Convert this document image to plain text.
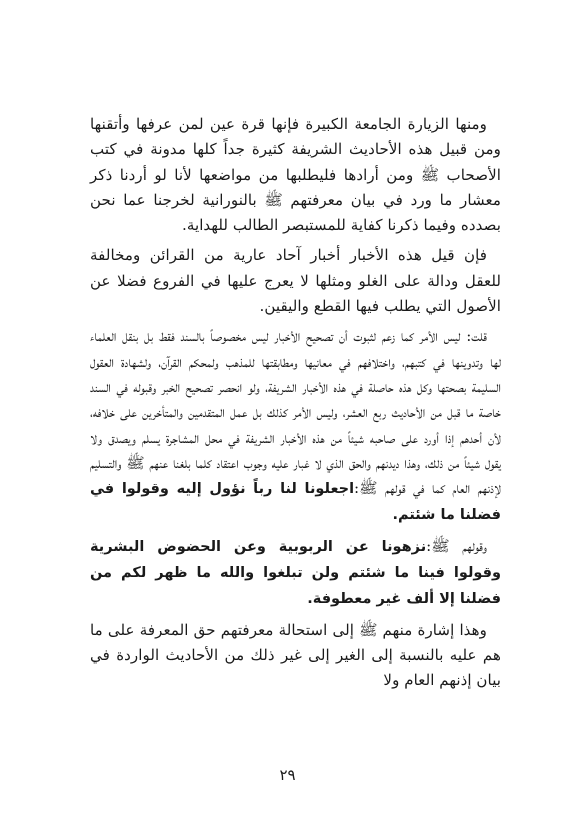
ومنها الزيارة الجامعة الكبيرة فإنها قرة عين لمن عرفها وأتقنها ومن قبيل هذه الأحاديث الشريفة كثيرة جداً كلها مدونة في كتب الأصحاب ﷺ ومن أرادها فليطلبها من مواضعها لأنا لو أردنا ذكر معشار ما ورد في بيان معرفتهم ﷺ بالنورانية لخرجنا عما نحن بصدده وفيما ذكرنا كفاية للمستبصر الطالب للهداية.

فإن قيل هذه الأخبار أخبار آحاد عارية من القرائن ومخالفة للعقل ودالة على الغلو ومثلها لا يعرج عليها في الفروع فضلا عن الأصول التي يطلب فيها القطع واليقين.

قلت: ليس الأمر كما زعم لثبوت أن تصحيح الأخبار ليس مخصوصاً بالسند فقط بل بنقل العلماء لها وتدوينها في كتبهم، واختلافهم في معانيها ومطابقتها للمذهب ولمحكم القرآن، ولشهادة العقول السليمة بصحتها وكل هذه حاصلة في هذه الأخبار الشريفة، ولو انحصر تصحيح الخبر وقبوله في السند خاصة ما قبل من الأحاديث ربع العشر، وليس الأمر كذلك بل عمل المتقدمين والمتأخرين على خلافه، لأن أحدهم إذا أورد على صاحبه شيئاً من هذه الأخبار الشريفة في محل المشاجرة يسلم ويصدق ولا يقول شيئاً من ذلك، وهذا ديدنهم والحق الذي لا غبار عليه وجوب اعتقاد كلما بلغنا عنهم ﷺ والتسليم لإذنهم العام كما في قولهم ﷺ:اجعلونا لنا رباً نؤول إليه وقولوا في فضلنا ما شئتم.

وقولهم ﷺ:نزهونا عن الربوبية وعن الحضوض البشرية وقولوا فينا ما شئتم ولن تبلغوا والله ما ظهر لكم من فضلنا إلا ألف غير معطوفة.

وهذا إشارة منهم ﷺ إلى استحالة معرفتهم حق المعرفة على ما هم عليه بالنسبة إلى الغير إلى غير ذلك من الأحاديث الواردة في بيان إذنهم العام ولا

٢٩
